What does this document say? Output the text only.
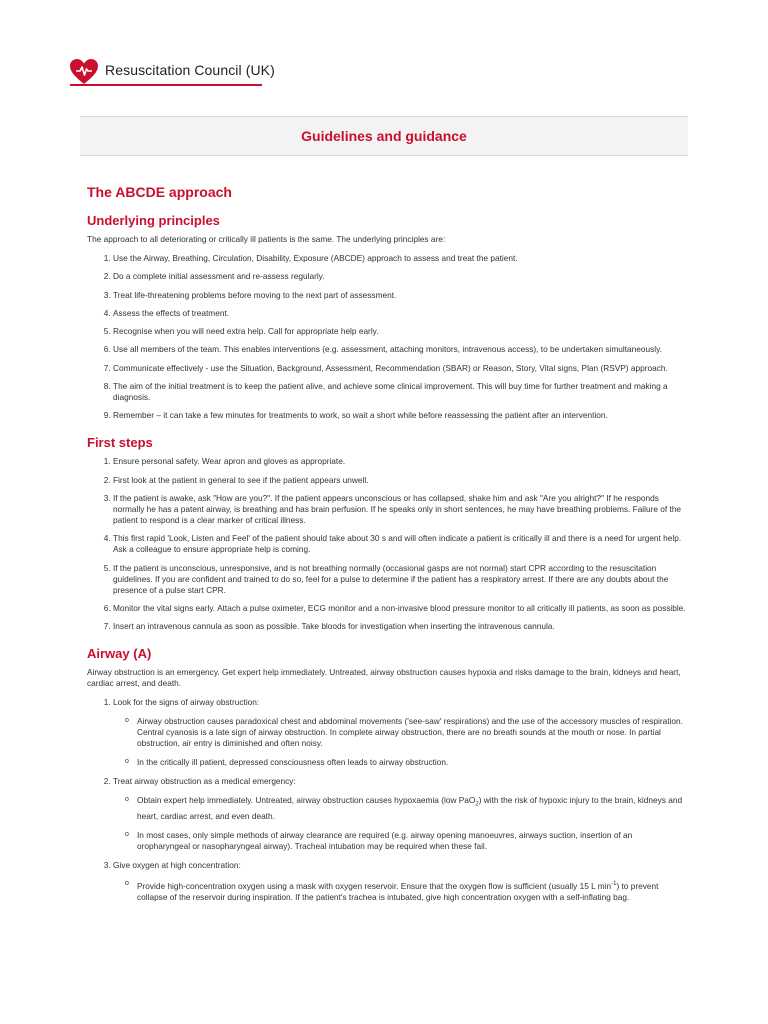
Resuscitation Council (UK)
Guidelines and guidance
The ABCDE approach
Underlying principles

The approach to all deteriorating or critically ill patients is the same. The underlying principles are:

1. Use the Airway, Breathing, Circulation, Disability, Exposure (ABCDE) approach to assess and treat the patient.
2. Do a complete initial assessment and re-assess regularly.
3. Treat life-threatening problems before moving to the next part of assessment.
4. Assess the effects of treatment.
5. Recognise when you will need extra help. Call for appropriate help early.
6. Use all members of the team. This enables interventions (e.g. assessment, attaching monitors, intravenous access), to be undertaken simultaneously.
7. Communicate effectively - use the Situation, Background, Assessment, Recommendation (SBAR) or Reason, Story, Vital signs, Plan (RSVP) approach.
8. The aim of the initial treatment is to keep the patient alive, and achieve some clinical improvement. This will buy time for further treatment and making a diagnosis.
9. Remember – it can take a few minutes for treatments to work, so wait a short while before reassessing the patient after an intervention.
First steps
1. Ensure personal safety. Wear apron and gloves as appropriate.
2. First look at the patient in general to see if the patient appears unwell.
3. If the patient is awake, ask "How are you?". If the patient appears unconscious or has collapsed, shake him and ask "Are you alright?" If he responds normally he has a patent airway, is breathing and has brain perfusion. If he speaks only in short sentences, he may have breathing problems. Failure of the patient to respond is a clear marker of critical illness.
4. This first rapid 'Look, Listen and Feel' of the patient should take about 30 s and will often indicate a patient is critically ill and there is a need for urgent help. Ask a colleague to ensure appropriate help is coming.
5. If the patient is unconscious, unresponsive, and is not breathing normally (occasional gasps are not normal) start CPR according to the resuscitation guidelines. If you are confident and trained to do so, feel for a pulse to determine if the patient has a respiratory arrest. If there are any doubts about the presence of a pulse start CPR.
6. Monitor the vital signs early. Attach a pulse oximeter, ECG monitor and a non-invasive blood pressure monitor to all critically ill patients, as soon as possible.
7. Insert an intravenous cannula as soon as possible. Take bloods for investigation when inserting the intravenous cannula.
Airway (A)

Airway obstruction is an emergency. Get expert help immediately. Untreated, airway obstruction causes hypoxia and risks damage to the brain, kidneys and heart, cardiac arrest, and death.

1. Look for the signs of airway obstruction:
o Airway obstruction causes paradoxical chest and abdominal movements ('see-saw' respirations) and the use of the accessory muscles of respiration. Central cyanosis is a late sign of airway obstruction. In complete airway obstruction, there are no breath sounds at the mouth or nose. In partial obstruction, air entry is diminished and often noisy.
o In the critically ill patient, depressed consciousness often leads to airway obstruction.
2. Treat airway obstruction as a medical emergency:
o Obtain expert help immediately. Untreated, airway obstruction causes hypoxaemia (low PaO$_2$) with the risk of hypoxic injury to the brain, kidneys and heart, cardiac arrest, and even death.
o In most cases, only simple methods of airway clearance are required (e.g. airway opening manoeuvres, airways suction, insertion of an oropharyngeal or nasopharyngeal airway). Tracheal intubation may be required when these fail.
3. Give oxygen at high concentration:
o Provide high-concentration oxygen using a mask with oxygen reservoir. Ensure that the oxygen flow is sufficient (usually 15 L $\min^{-1}$) to prevent collapse of the reservoir during inspiration. If the patient's trachea is intubated, give high concentration oxygen with a self-inflating bag.
